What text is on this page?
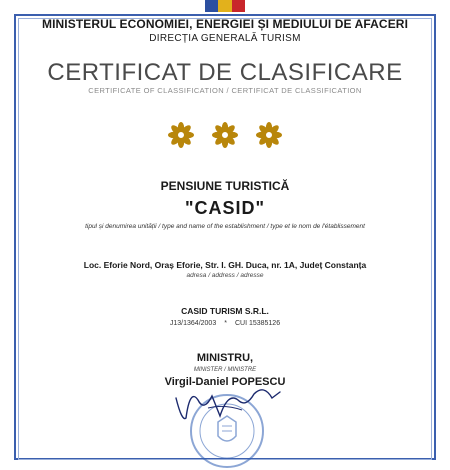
MINISTERUL ECONOMIEI, ENERGIEI ȘI MEDIULUI DE AFACERI
DIRECȚIA GENERALĂ TURISM
CERTIFICAT DE CLASIFICARE
CERTIFICATE OF CLASSIFICATION / CERTIFICAT DE CLASSIFICATION
PENSIUNE TURISTICĂ
"CASID"
tipul și denumirea unității / type and name of the establishment / type et le nom de l'établissement
Loc. Eforie Nord, Oraș Eforie, Str. I. GH. Duca, nr. 1A, Județ Constanța
adresa / address / adresse
CASID TURISM S.R.L.
J13/1364/2003 * CUI 15385126
MINISTRU,
MINISTER / MINISTRE
Virgil-Daniel POPESCU
